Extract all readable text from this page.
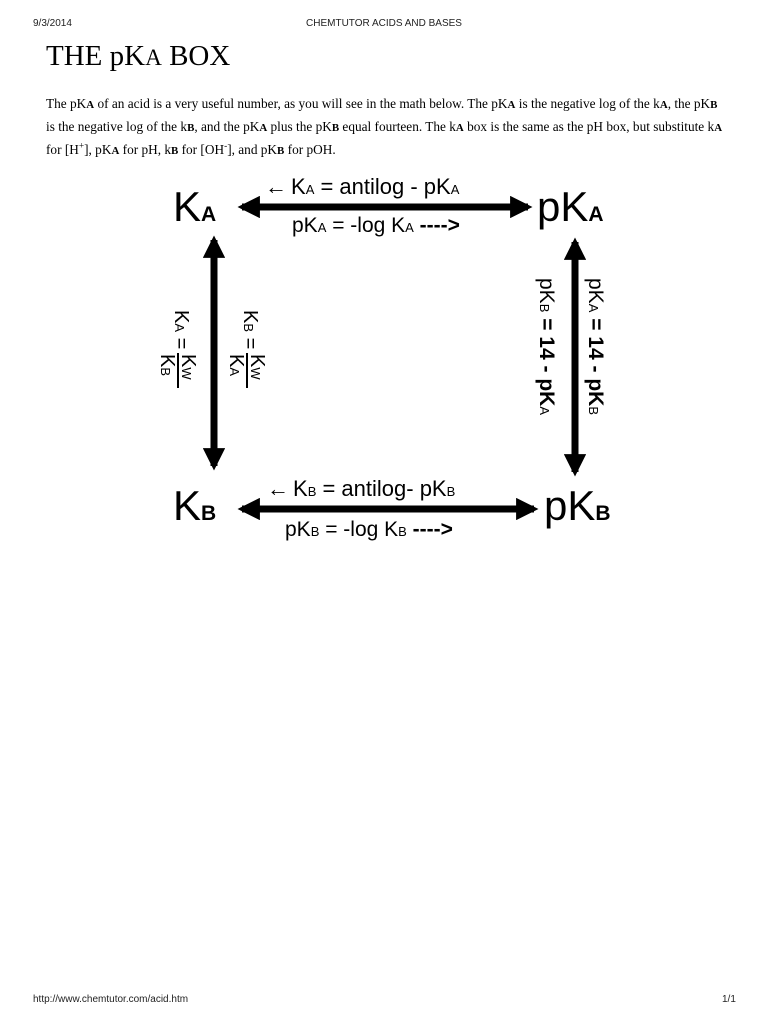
9/3/2014	CHEMTUTOR ACIDS AND BASES
THE pKA BOX

The pKA of an acid is a very useful number, as you will see in the math below. The pKA is the negative log of the kA, the pKB is the negative log of the kB, and the pKA plus the pKB equal fourteen. The kA box is the same as the pH box, but substitute kA for [H+], pKA for pH, kB for [OH-], and pKB for pOH.

KA	pKA
KB	pKB
← KA = antilog - pKA
pKA = -log KA ---->
← KB = antilog- pKB
pKB = -log KB ---->
KA =
KW
KB
KB =
KW
KA
pKA = 14 - pKB
pKB = 14 - pKA
http://www.chemtutor.com/acid.htm	1/1
